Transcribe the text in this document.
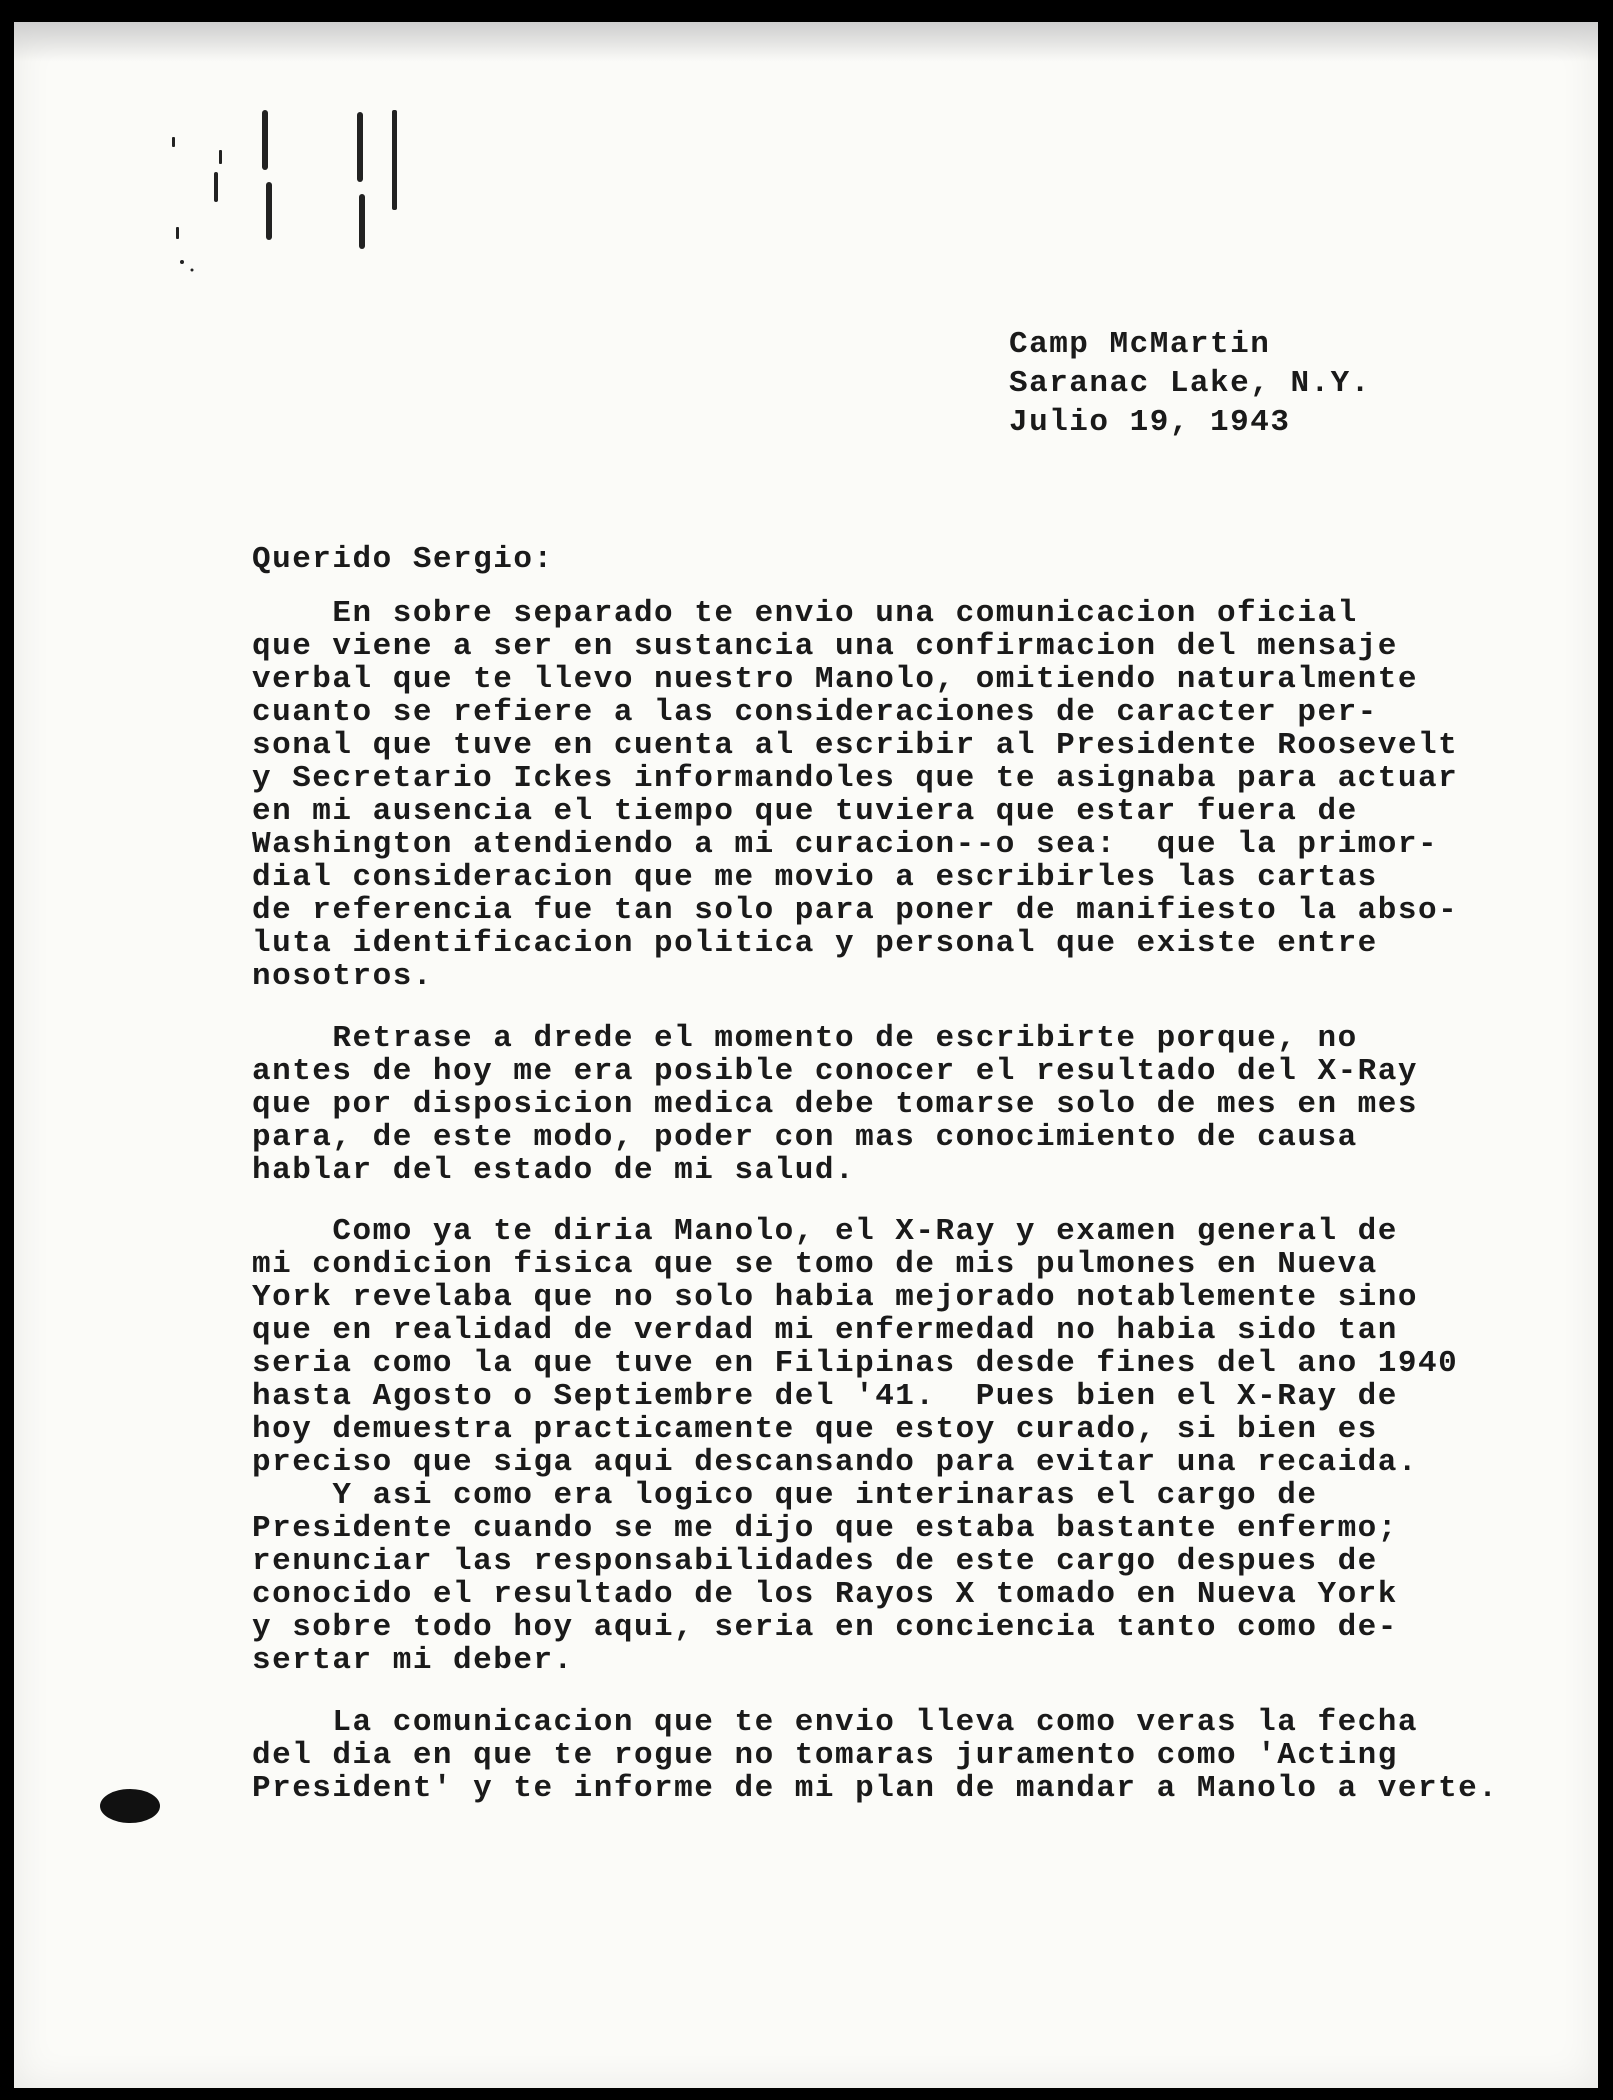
Camp McMartin
Saranac Lake, N.Y.
Julio 19, 1943
Querido Sergio:
En sobre separado te envio una comunicacion oficial
que viene a ser en sustancia una confirmacion del mensaje
verbal que te llevo nuestro Manolo, omitiendo naturalmente
cuanto se refiere a las consideraciones de caracter per-
sonal que tuve en cuenta al escribir al Presidente Roosevelt
y Secretario Ickes informandoles que te asignaba para actuar
en mi ausencia el tiempo que tuviera que estar fuera de
Washington atendiendo a mi curacion--o sea:  que la primor-
dial consideracion que me movio a escribirles las cartas
de referencia fue tan solo para poner de manifiesto la abso-
luta identificacion politica y personal que existe entre
nosotros.
Retrase a drede el momento de escribirte porque, no
antes de hoy me era posible conocer el resultado del X-Ray
que por disposicion medica debe tomarse solo de mes en mes
para, de este modo, poder con mas conocimiento de causa
hablar del estado de mi salud.
Como ya te diria Manolo, el X-Ray y examen general de
mi condicion fisica que se tomo de mis pulmones en Nueva
York revelaba que no solo habia mejorado notablemente sino
que en realidad de verdad mi enfermedad no habia sido tan
seria como la que tuve en Filipinas desde fines del ano 1940
hasta Agosto o Septiembre del '41.  Pues bien el X-Ray de
hoy demuestra practicamente que estoy curado, si bien es
preciso que siga aqui descansando para evitar una recaida.
Y asi como era logico que interinaras el cargo de
Presidente cuando se me dijo que estaba bastante enfermo;
renunciar las responsabilidades de este cargo despues de
conocido el resultado de los Rayos X tomado en Nueva York
y sobre todo hoy aqui, seria en conciencia tanto como de-
sertar mi deber.
La comunicacion que te envio lleva como veras la fecha
del dia en que te rogue no tomaras juramento como 'Acting
President' y te informe de mi plan de mandar a Manolo a verte.
